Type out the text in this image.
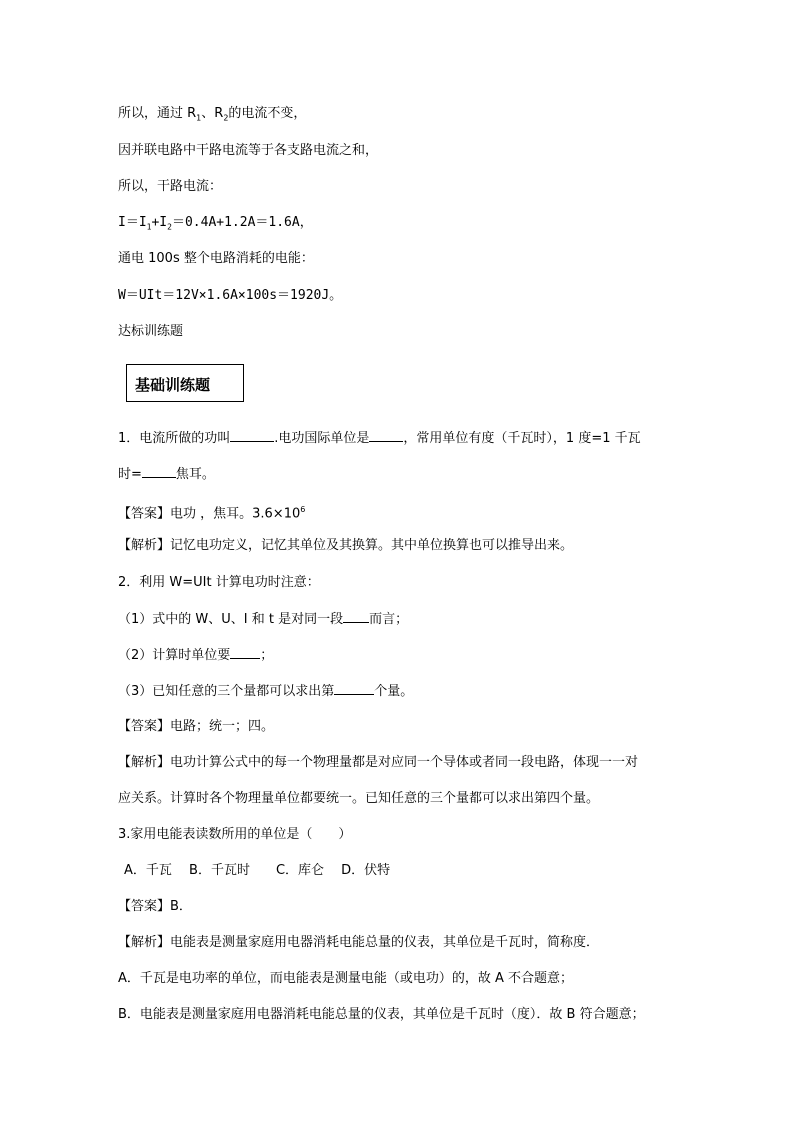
所以，通过 $R_1$、$R_2$的电流不变，
因并联电路中干路电流等于各支路电流之和，
所以，干路电流：
$I=I_1+I_2=0.4A+1.2A=1.6A$，
通电 100s 整个电路消耗的电能：
W＝UIt＝12V×1.6A×100s＝1920J。
达标训练题
基础训练题
1．电流所做的功叫	.电功国际单位是	，常用单位有度（千瓦时），1 度=1 千瓦
时=	焦耳。
【答案】电功 ，焦耳。$3.6\times 10^6$
【解析】记忆电功定义，记忆其单位及其换算。其中单位换算也可以推导出来。
2．利用 W=UIt 计算电功时注意：
（1）式中的 W、U、I 和 t 是对同一段 而言；
（2）计算时单位要 ；
（3）已知任意的三个量都可以求出第	个量。
【答案】电路；统一；四。
【解析】电功计算公式中的每一个物理量都是对应同一个导体或者同一段电路，体现一一对
应关系。计算时各个物理量单位都要统一。已知任意的三个量都可以求出第四个量。
3.家用电能表读数所用的单位是（　　）
A．千瓦　 B．千瓦时　　C．库仑　 D．伏特
【答案】B．
【解析】电能表是测量家庭用电器消耗电能总量的仪表，其单位是千瓦时，简称度．
A．千瓦是电功率的单位，而电能表是测量电能（或电功）的，故 A 不合题意；
B．电能表是测量家庭用电器消耗电能总量的仪表，其单位是千瓦时（度）．故 B 符合题意；
